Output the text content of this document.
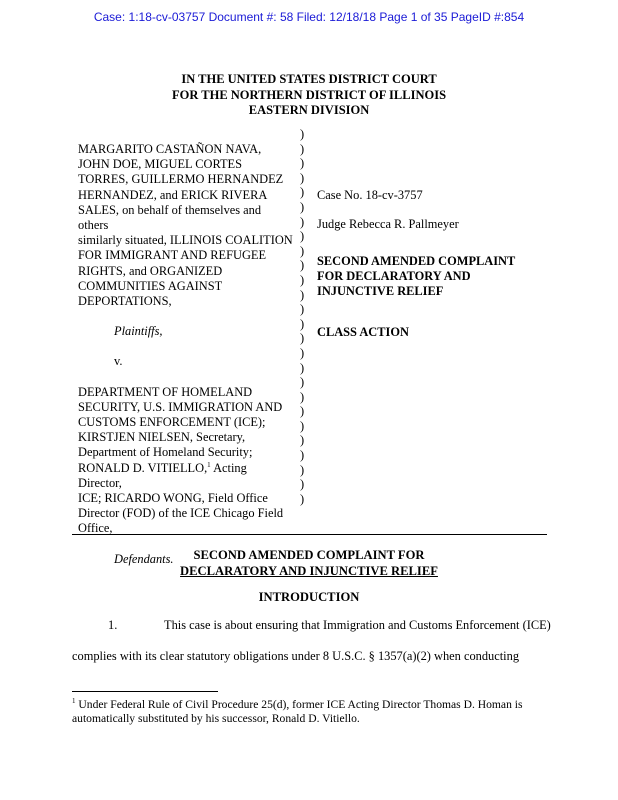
Case: 1:18-cv-03757 Document #: 58 Filed: 12/18/18 Page 1 of 35 PageID #:854
IN THE UNITED STATES DISTRICT COURT
FOR THE NORTHERN DISTRICT OF ILLINOIS
EASTERN DIVISION
MARGARITO CASTAÑON NAVA,
JOHN DOE, MIGUEL CORTES
TORRES, GUILLERMO HERNANDEZ
HERNANDEZ, and ERICK RIVERA
SALES, on behalf of themselves and others
similarly situated, ILLINOIS COALITION
FOR IMMIGRANT AND REFUGEE
RIGHTS, and ORGANIZED
COMMUNITIES AGAINST
DEPORTATIONS,
Plaintiffs,
v.
DEPARTMENT OF HOMELAND
SECURITY, U.S. IMMIGRATION AND
CUSTOMS ENFORCEMENT (ICE);
KIRSTJEN NIELSEN, Secretary,
Department of Homeland Security;
RONALD D. VITIELLO,$^1$ Acting Director,
ICE; RICARDO WONG, Field Office
Director (FOD) of the ICE Chicago Field
Office,
Defendants.
)
)
)
)
)
)
)
)
)
)
)
)
)
)
)
)
)
)
)
)
)
)
)
)
)
)
Case No. 18-cv-3757
Judge Rebecca R. Pallmeyer
SECOND AMENDED COMPLAINT
FOR DECLARATORY AND
INJUNCTIVE RELIEF
CLASS ACTION
SECOND AMENDED COMPLAINT FOR
DECLARATORY AND INJUNCTIVE RELIEF
INTRODUCTION
1.	This case is about ensuring that Immigration and Customs Enforcement (ICE)
complies with its clear statutory obligations under 8 U.S.C. § 1357(a)(2) when conducting
$^1$ Under Federal Rule of Civil Procedure 25(d), former ICE Acting Director Thomas D. Homan is automatically substituted by his successor, Ronald D. Vitiello.
